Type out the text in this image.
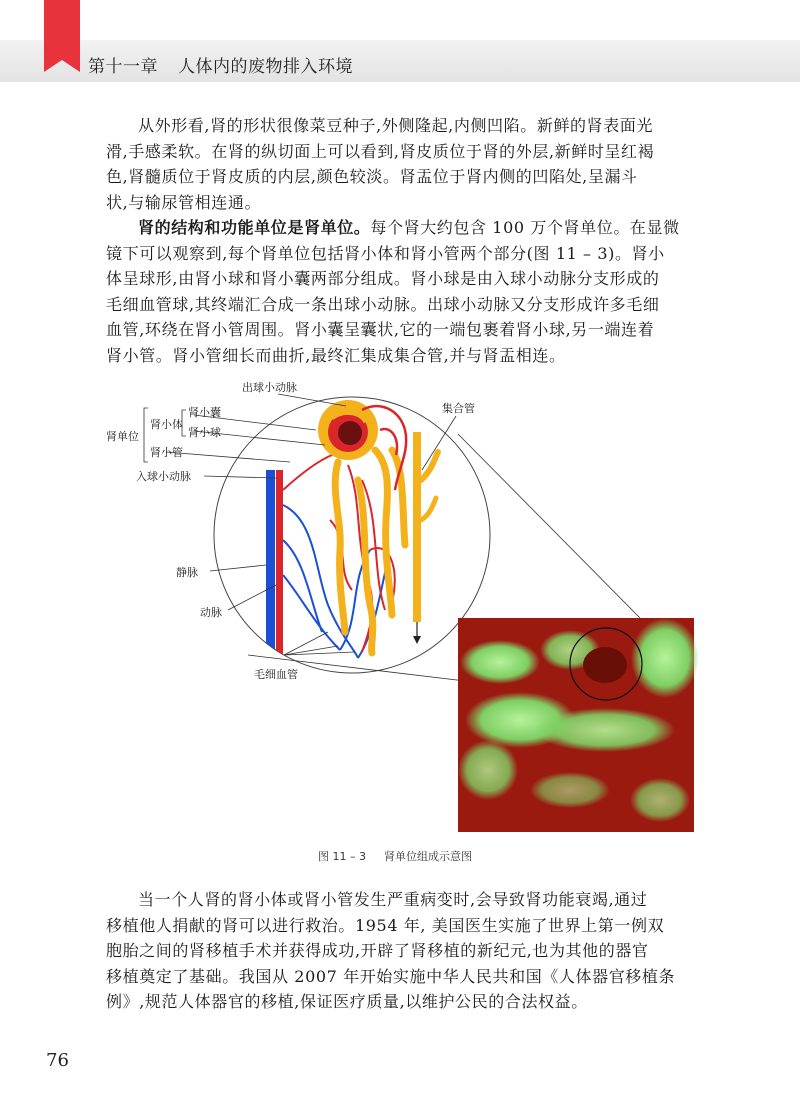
第十一章 人体内的废物排入环境

从外形看,肾的形状很像菜豆种子,外侧隆起,内侧凹陷。新鲜的肾表面光
滑,手感柔软。在肾的纵切面上可以看到,肾皮质位于肾的外层,新鲜时呈红褐
色,肾髓质位于肾皮质的内层,颜色较淡。肾盂位于肾内侧的凹陷处,呈漏斗
状,与输尿管相连通。

肾的结构和功能单位是肾单位。每个肾大约包含 100 万个肾单位。在显微
镜下可以观察到,每个肾单位包括肾小体和肾小管两个部分(图 11 – 3)。肾小
体呈球形,由肾小球和肾小囊两部分组成。肾小球是由入球小动脉分支形成的
毛细血管球,其终端汇合成一条出球小动脉。出球小动脉又分支形成许多毛细
血管,环绕在肾小管周围。肾小囊呈囊状,它的一端包裹着肾小球,另一端连着
肾小管。肾小管细长而曲折,最终汇集成集合管,并与肾盂相连。

出球小动脉
集合管
肾单位
肾小体
肾小囊
肾小球
肾小管
入球小动脉
静脉
动脉
毛细血管
图 11 – 3 肾单位组成示意图

当一个人肾的肾小体或肾小管发生严重病变时,会导致肾功能衰竭,通过
移植他人捐献的肾可以进行救治。1954 年, 美国医生实施了世界上第一例双
胞胎之间的肾移植手术并获得成功,开辟了肾移植的新纪元,也为其他的器官
移植奠定了基础。我国从 2007 年开始实施中华人民共和国《人体器官移植条
例》,规范人体器官的移植,保证医疗质量,以维护公民的合法权益。

76
